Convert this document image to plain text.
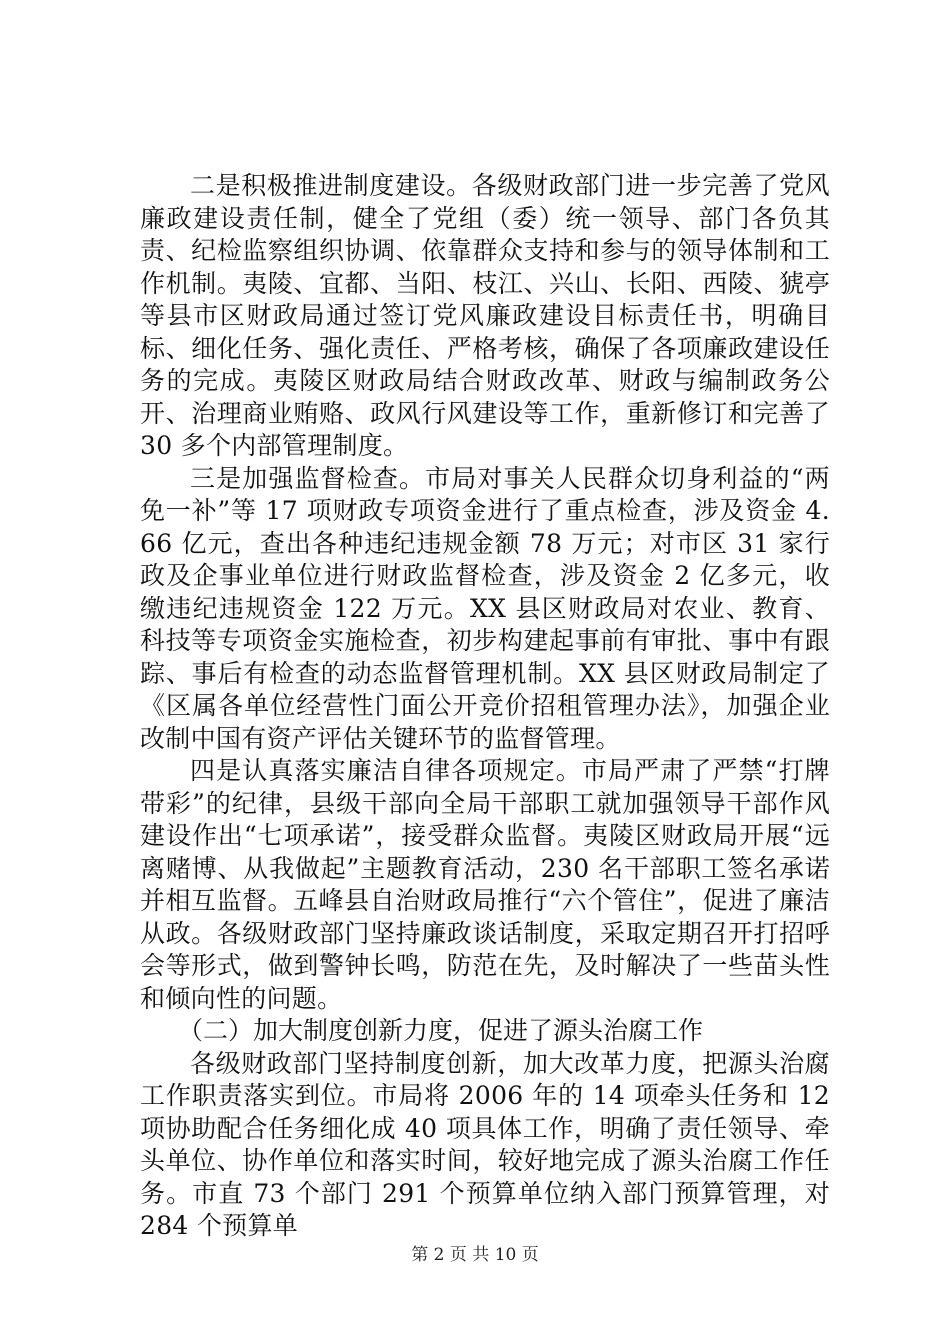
二是积极推进制度建设。各级财政部门进一步完善了党风廉政建设责任制，健全了党组（委）统一领导、部门各负其责、纪检监察组织协调、依靠群众支持和参与的领导体制和工作机制。夷陵、宜都、当阳、枝江、兴山、长阳、西陵、猇亭等县市区财政局通过签订党风廉政建设目标责任书，明确目标、细化任务、强化责任、严格考核，确保了各项廉政建设任务的完成。夷陵区财政局结合财政改革、财政与编制政务公开、治理商业贿赂、政风行风建设等工作，重新修订和完善了 30 多个内部管理制度。

三是加强监督检查。市局对事关人民群众切身利益的“两免一补”等 17 项财政专项资金进行了重点检查，涉及资金 4.66 亿元，查出各种违纪违规金额 78 万元；对市区 31 家行政及企事业单位进行财政监督检查，涉及资金 2 亿多元，收缴违纪违规资金 122 万元。XX 县区财政局对农业、教育、科技等专项资金实施检查，初步构建起事前有审批、事中有跟踪、事后有检查的动态监督管理机制。XX 县区财政局制定了《区属各单位经营性门面公开竞价招租管理办法》，加强企业改制中国有资产评估关键环节的监督管理。

四是认真落实廉洁自律各项规定。市局严肃了严禁“打牌带彩”的纪律，县级干部向全局干部职工就加强领导干部作风建设作出“七项承诺”，接受群众监督。夷陵区财政局开展“远离赌博、从我做起”主题教育活动，230 名干部职工签名承诺并相互监督。五峰县自治财政局推行“六个管住”，促进了廉洁从政。各级财政部门坚持廉政谈话制度，采取定期召开打招呼会等形式，做到警钟长鸣，防范在先，及时解决了一些苗头性和倾向性的问题。

（二）加大制度创新力度，促进了源头治腐工作

各级财政部门坚持制度创新，加大改革力度，把源头治腐工作职责落实到位。市局将 2006 年的 14 项牵头任务和 12 项协助配合任务细化成 40 项具体工作，明确了责任领导、牵头单位、协作单位和落实时间，较好地完成了源头治腐工作任务。市直 73 个部门 291 个预算单位纳入部门预算管理，对 284 个预算单

第 2 页 共 10 页
